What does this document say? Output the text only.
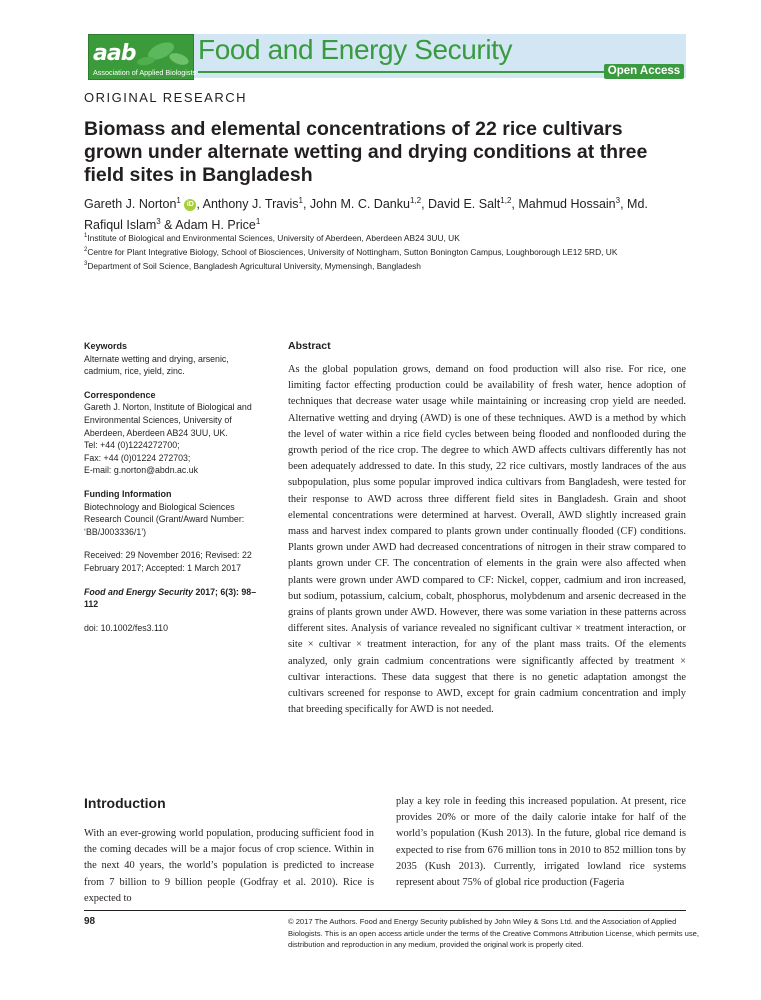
aab
Association of Applied Biologists
Food and Energy Security
Open Access
ORIGINAL RESEARCH
Biomass and elemental concentrations of 22 rice cultivars grown under alternate wetting and drying conditions at three field sites in Bangladesh
Gareth J. Norton$^1$ iD , Anthony J. Travis$^1$, John M. C. Danku$^{1,2}$, David E. Salt$^{1,2}$, Mahmud Hossain$^3$, Md. Rafiqul Islam$^3$ & Adam H. Price$^1$
$^1$Institute of Biological and Environmental Sciences, University of Aberdeen, Aberdeen AB24 3UU, UK
$^2$Centre for Plant Integrative Biology, School of Biosciences, University of Nottingham, Sutton Bonington Campus, Loughborough LE12 5RD, UK
$^3$Department of Soil Science, Bangladesh Agricultural University, Mymensingh, Bangladesh
Keywords

Alternate wetting and drying, arsenic, cadmium, rice, yield, zinc.

Correspondence

Gareth J. Norton, Institute of Biological and Environmental Sciences, University of Aberdeen, Aberdeen AB24 3UU, UK.

Tel: +44 (0)1224272700;

Fax: +44 (0)01224 272703;

E-mail: g.norton@abdn.ac.uk

Funding Information

Biotechnology and Biological Sciences Research Council (Grant/Award Number: ‘BB/J003336/1’)

Received: 29 November 2016; Revised: 22 February 2017; Accepted: 1 March 2017

Food and Energy Security 2017; 6(3): 98–112

doi: 10.1002/fes3.110

Abstract

As the global population grows, demand on food production will also rise. For rice, one limiting factor effecting production could be availability of fresh water, hence adoption of techniques that decrease water usage while maintaining or increasing crop yield are needed. Alternative wetting and drying (AWD) is one of these techniques. AWD is a method by which the level of water within a rice field cycles between being flooded and nonflooded during the growth period of the rice crop. The degree to which AWD affects cultivars differently has not been adequately addressed to date. In this study, 22 rice cultivars, mostly landraces of the aus subpopulation, plus some popular improved indica cultivars from Bangladesh, were tested for their response to AWD across three different field sites in Bangladesh. Grain and shoot elemental concentrations were determined at harvest. Overall, AWD slightly increased grain mass and harvest index compared to plants grown under continually flooded (CF) conditions. Plants grown under AWD had decreased concentrations of nitrogen in their straw compared to plants grown under CF. The concentration of elements in the grain were also affected when plants were grown under AWD compared to CF: Nickel, copper, cadmium and iron increased, but sodium, potassium, calcium, cobalt, phosphorus, molybdenum and arsenic decreased in the grains of plants grown under AWD. However, there was some variation in these patterns across different sites. Analysis of variance revealed no significant cultivar × treatment interaction, or site × cultivar × treatment interaction, for any of the plant mass traits. Of the elements analyzed, only grain cadmium concentrations were significantly affected by treatment × cultivar interactions. These data suggest that there is no genetic adaptation amongst the cultivars screened for response to AWD, except for grain cadmium concentration and imply that breeding specifically for AWD is not needed.

Introduction

With an ever-growing world population, producing sufficient food in the coming decades will be a major focus of crop science. Within in the next 40 years, the world’s population is predicted to increase from 7 billion to 9 billion people (Godfray et al. 2010). Rice is expected to

play a key role in feeding this increased population. At present, rice provides 20% or more of the daily calorie intake for half of the world’s population (Kush 2013). In the future, global rice demand is expected to rise from 676 million tons in 2010 to 852 million tons by 2035 (Kush 2013). Currently, irrigated lowland rice systems represent about 75% of global rice production (Fageria

98	© 2017 The Authors. Food and Energy Security published by John Wiley & Sons Ltd. and the Association of Applied Biologists. This is an open access article under the terms of the Creative Commons Attribution License, which permits use, distribution and reproduction in any medium, provided the original work is properly cited.
